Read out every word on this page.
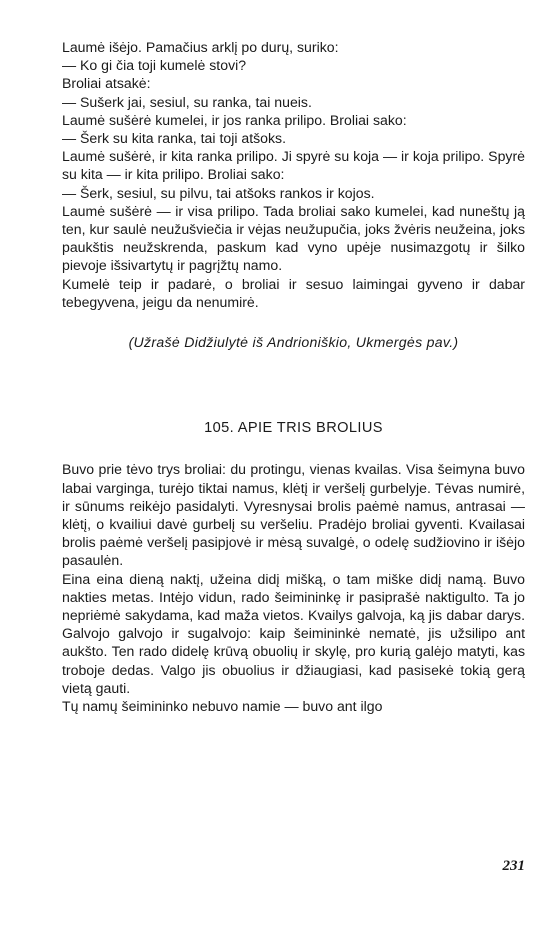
Laumė išėjo. Pamačius arklį po durų, suriko:

— Ko gi čia toji kumelė stovi?

Broliai atsakė:

— Sušerk jai, sesiul, su ranka, tai nueis.

Laumė sušėrė kumelei, ir jos ranka prilipo. Broliai sako:

— Šerk su kita ranka, tai toji atšoks.

Laumė sušėrė, ir kita ranka prilipo. Ji spyrė su koja — ir koja prilipo. Spyrė su kita — ir kita prilipo. Broliai sako:

— Šerk, sesiul, su pilvu, tai atšoks rankos ir kojos.

Laumė sušėrė — ir visa prilipo. Tada broliai sako kumelei, kad nuneštų ją ten, kur saulė neužušviečia ir vėjas neužupučia, joks žvėris neužeina, joks paukštis neužskrenda, paskum kad vyno upėje nusimazgotų ir šilko pievoje išsivartytų ir pagrįžtų namo.

Kumelė teip ir padarė, o broliai ir sesuo laimingai gyveno ir dabar tebegyvena, jeigu da nenumirė.

(Užrašė Didžiulytė iš Andrioniškio, Ukmergės pav.)

105. APIE TRIS BROLIUS

Buvo prie tėvo trys broliai: du protingu, vienas kvailas. Visa šeimyna buvo labai varginga, turėjo tiktai namus, klėtį ir veršelį gurbelyje. Tėvas numirė, ir sūnums reikėjo pasidalyti. Vyresnysai brolis paėmė namus, antrasai — klėtį, o kvailiui davė gurbelį su veršeliu. Pradėjo broliai gyventi. Kvailasai brolis paėmė veršelį pasipjovė ir mėsą suvalgė, o odelę sudžiovino ir išėjo pasaulėn.

Eina eina dieną naktį, užeina didį mišką, o tam miške didį namą. Buvo nakties metas. Intėjo vidun, rado šeimininkę ir pasiprašė naktigulto. Ta jo nepriėmė sakydama, kad maža vietos. Kvailys galvoja, ką jis dabar darys. Galvojo galvojo ir sugalvojo: kaip šeimininkė nematė, jis užsilipo ant aukšto. Ten rado didelę krūvą obuolių ir skylę, pro kurią galėjo matyti, kas troboje dedas. Valgo jis obuolius ir džiaugiasi, kad pasisekė tokią gerą vietą gauti.

Tų namų šeimininko nebuvo namie — buvo ant ilgo

231
